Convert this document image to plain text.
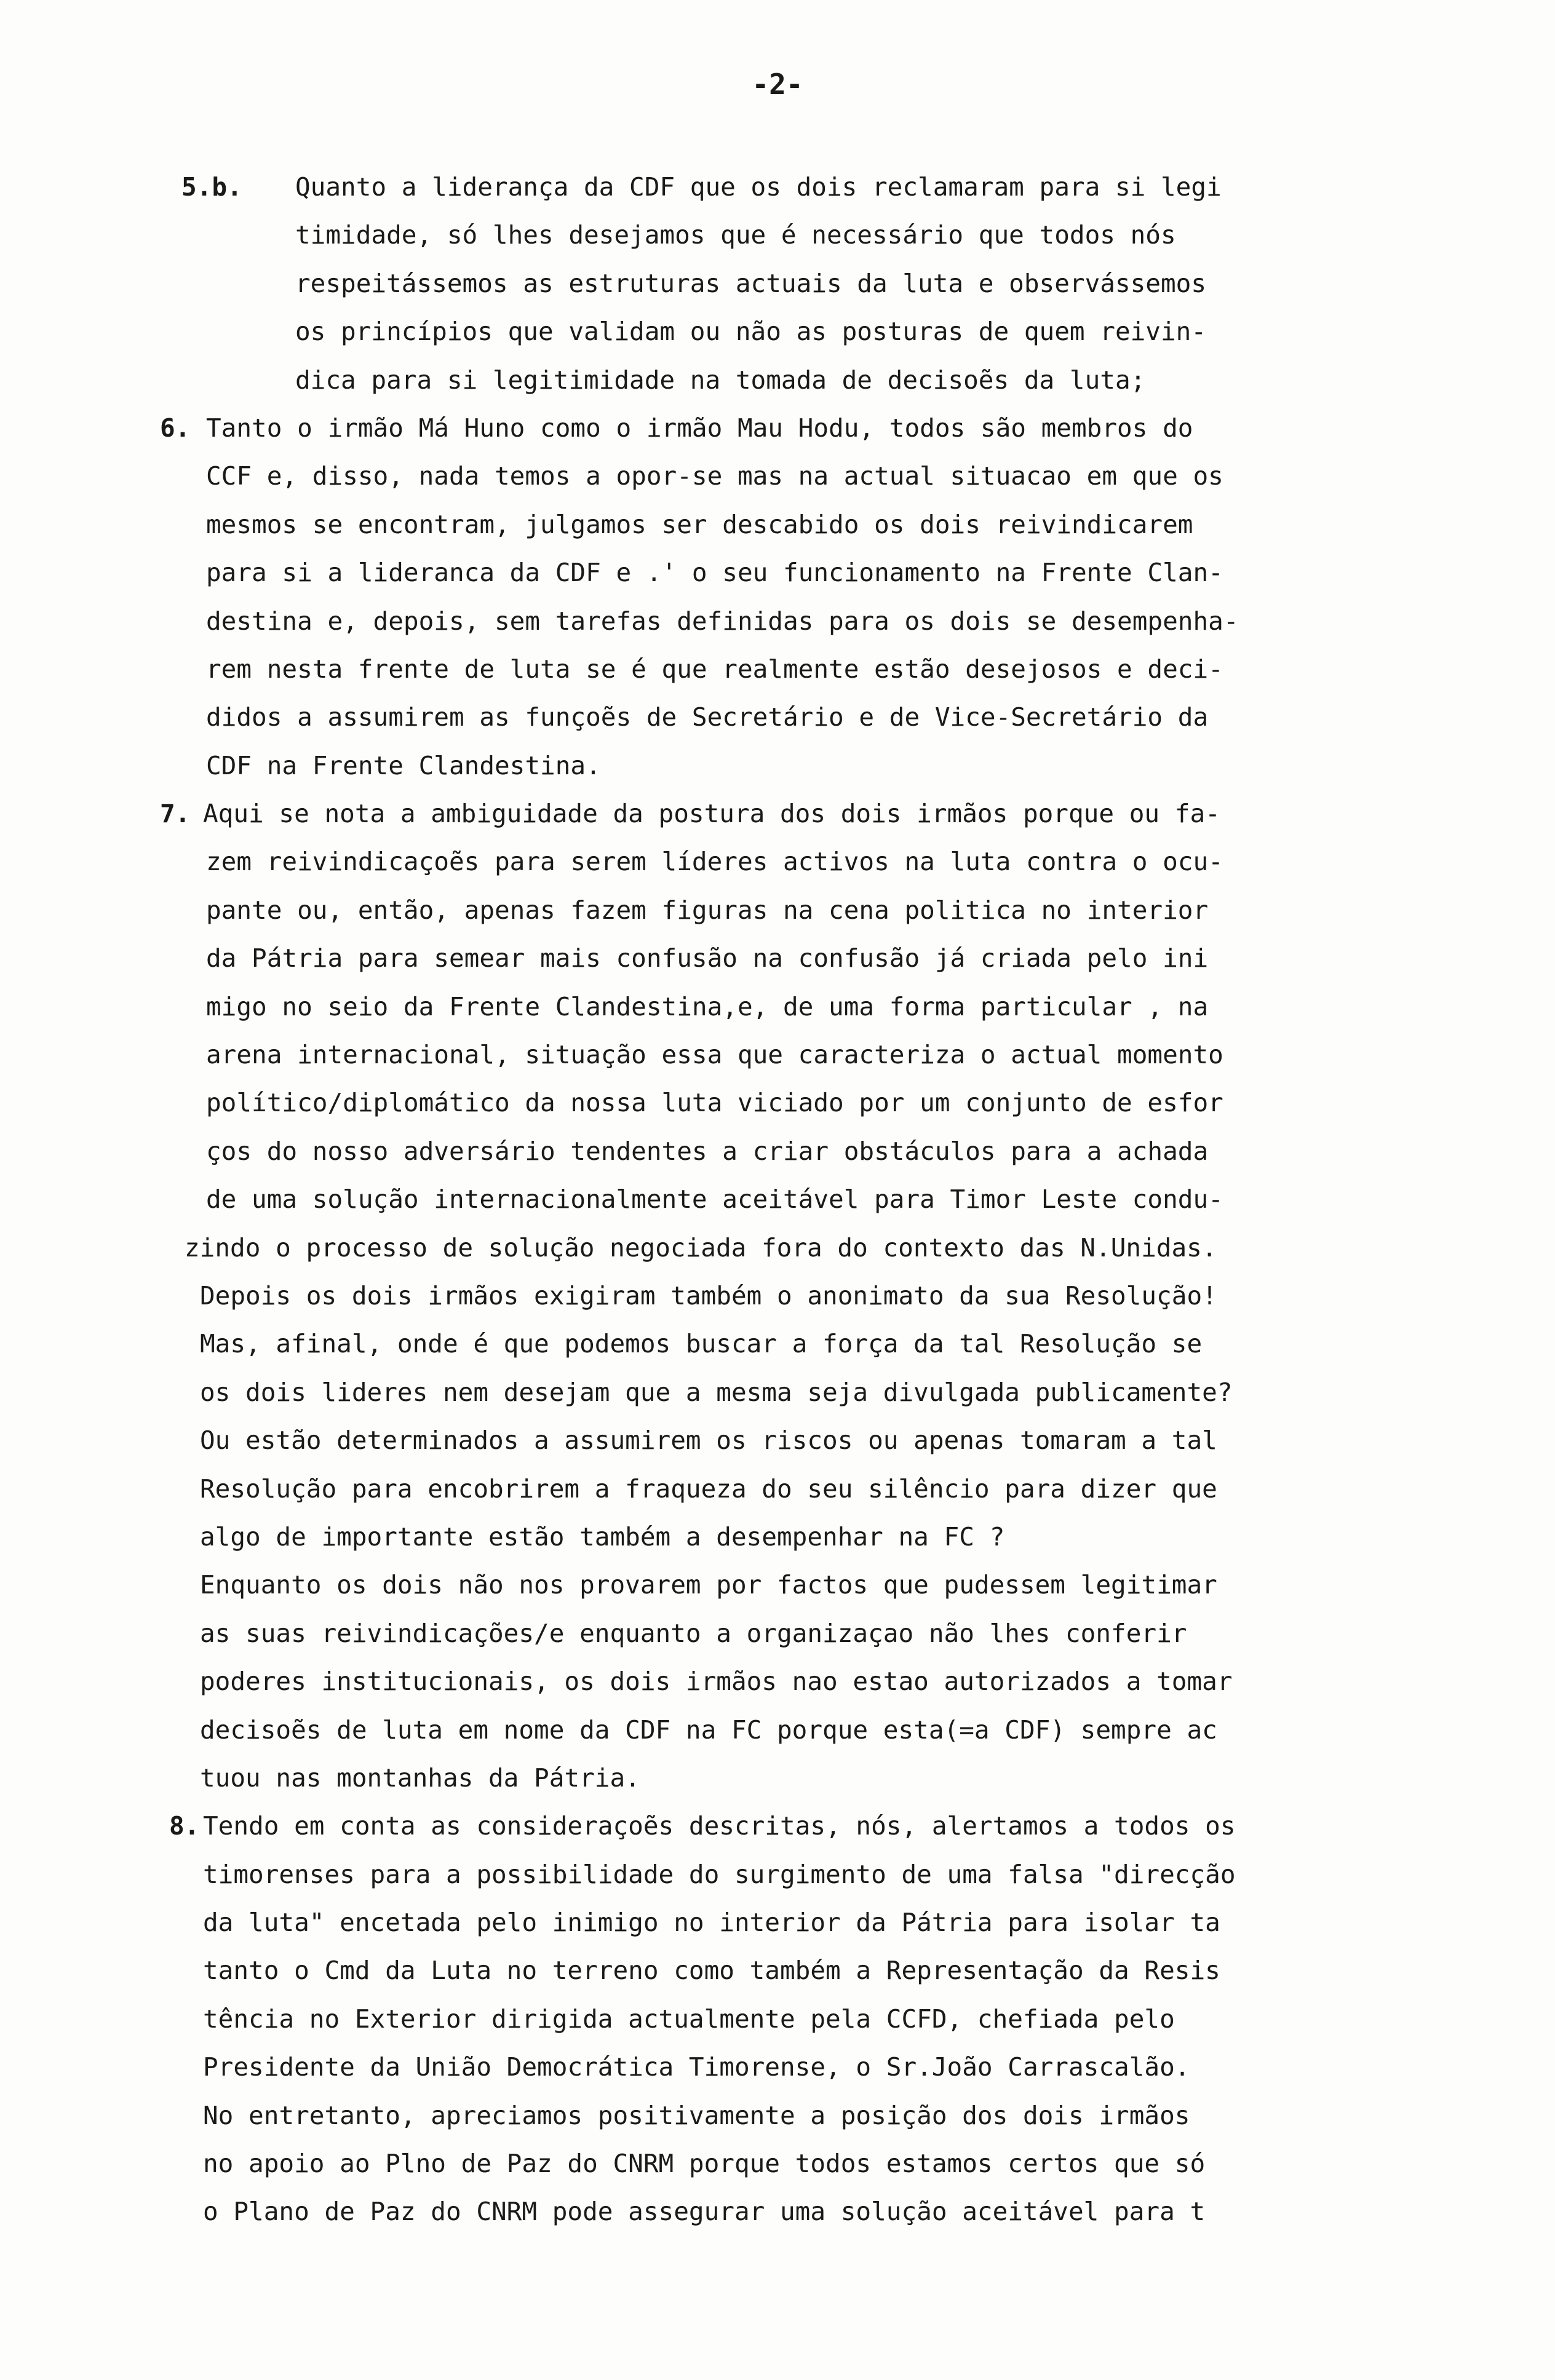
-2-
5.b. Quanto a liderança da CDF que os dois reclamaram para si legi
timidade, só lhes desejamos que é necessário que todos nós
respeitássemos as estruturas actuais da luta e observássemos
os princípios que validam ou não as posturas de quem reivin-
dica para si legitimidade na tomada de decisoẽs da luta;
6. Tanto o irmão Má Huno como o irmão Mau Hodu, todos são membros do
CCF e, disso, nada temos a opor-se mas na actual situacao em que os
mesmos se encontram, julgamos ser descabido os dois reivindicarem
para si a lideranca da CDF e .' o seu funcionamento na Frente Clan-
destina e, depois, sem tarefas definidas para os dois se desempenha-
rem nesta frente de luta se é que realmente estão desejosos e deci-
didos a assumirem as funçoẽs de Secretário e de Vice-Secretário da
CDF na Frente Clandestina.
7. Aqui se nota a ambiguidade da postura dos dois irmãos porque ou fa-
zem reivindicaçoẽs para serem líderes activos na luta contra o ocu-
pante ou, então, apenas fazem figuras na cena politica no interior
da Pátria para semear mais confusão na confusão já criada pelo ini
migo no seio da Frente Clandestina,e, de uma forma particular , na
arena internacional, situação essa que caracteriza o actual momento
político/diplomático da nossa luta viciado por um conjunto de esfor
ços do nosso adversário tendentes a criar obstáculos para a achada
de uma solução internacionalmente aceitável para Timor Leste condu-
zindo o processo de solução negociada fora do contexto das N.Unidas.
Depois os dois irmãos exigiram também o anonimato da sua Resolução!
Mas, afinal, onde é que podemos buscar a força da tal Resolução se
os dois lideres nem desejam que a mesma seja divulgada publicamente?
Ou estão determinados a assumirem os riscos ou apenas tomaram a tal
Resolução para encobrirem a fraqueza do seu silêncio para dizer que
algo de importante estão também a desempenhar na FC ?
Enquanto os dois não nos provarem por factos que pudessem legitimar
as suas reivindicações/e enquanto a organizaçao não lhes conferir
poderes institucionais, os dois irmãos nao estao autorizados a tomar
decisoẽs de luta em nome da CDF na FC porque esta(=a CDF) sempre ac
tuou nas montanhas da Pátria.
8. Tendo em conta as consideraçoẽs descritas, nós, alertamos a todos os
timorenses para a possibilidade do surgimento de uma falsa "direcção
da luta" encetada pelo inimigo no interior da Pátria para isolar ta
tanto o Cmd da Luta no terreno como também a Representação da Resis
tência no Exterior dirigida actualmente pela CCFD, chefiada pelo
Presidente da União Democrática Timorense, o Sr.João Carrascalão.
No entretanto, apreciamos positivamente a posição dos dois irmãos
no apoio ao Plno de Paz do CNRM porque todos estamos certos que só
o Plano de Paz do CNRM pode assegurar uma solução aceitável para t
